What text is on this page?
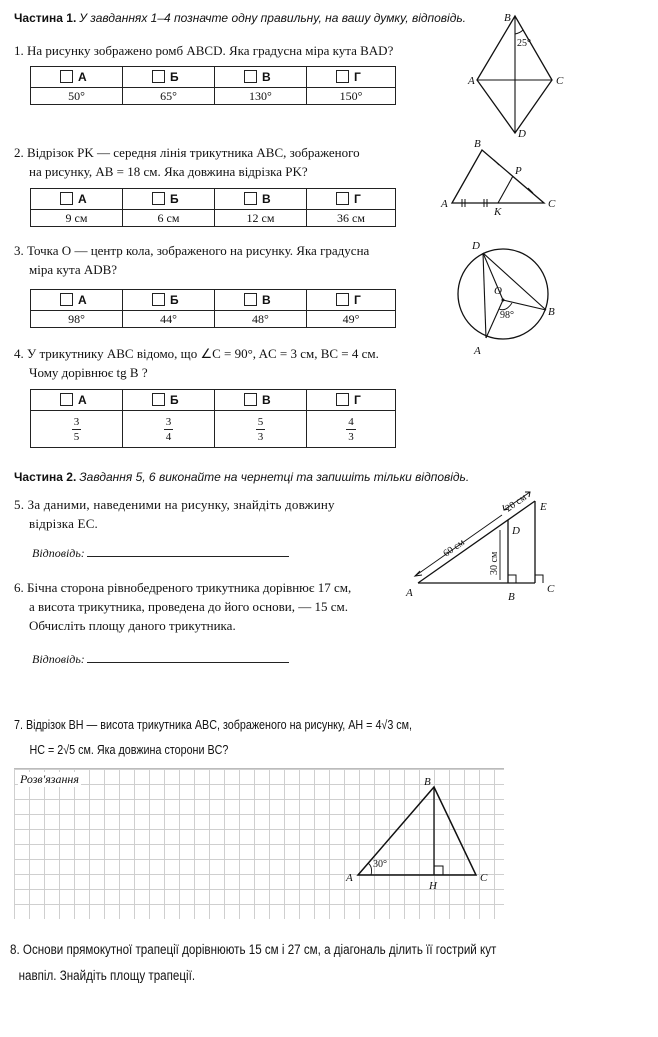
Частина 1. У завданнях 1–4 позначте одну правильну, на вашу думку, відповідь.
1. На рисунку зображено ромб ABCD. Яка градусна міра кута BAD?
А	Б	В	Г
50°	65°	130°	150°
B
A	C
D
25°
2. Відрізок PK — середня лінія трикутника ABC, зображеного
на рисунку, AB = 18 см. Яка довжина відрізка PK?
А	Б	В	Г
9 см	6 см	12 см	36 см
B
P
A
K
C
3. Точка O — центр кола, зображеного на рисунку. Яка градусна
міра кута ADB?
А	Б	В	Г
98°	44°	48°	49°
D
O
B
A
98°
4. У трикутнику ABC відомо, що ∠C = 90°, AC = 3 см, BC = 4 см.
Чому дорівнює tg B ?
А	Б	В	Г

$\frac{3}{5}$	$\frac{3}{4}$	$\frac{5}{3}$	$\frac{4}{3}$
Частина 2. Завдання 5, 6 виконайте на чернетці та запишіть тільки відповідь.
5. За даними, наведеними на рисунку, знайдіть довжину
відрізка EC.
Відповідь:
E
D
A	B
C
20 см
60 см
30 см
6. Бічна сторона рівнобедреного трикутника дорівнює 17 см,
а висота трикутника, проведена до його основи, — 15 см.
Обчисліть площу даного трикутника.
Відповідь:
7. Відрізок BH — висота трикутника ABC, зображеного на рисунку, AH = 4√3 см,
HC = 2√5 см. Яка довжина сторони BC?
Розв'язання	B
A
H
C
30°
8. Основи прямокутної трапеції дорівнюють 15 см і 27 см, а діагональ ділить її гострий кут
навпіл. Знайдіть площу трапеції.
